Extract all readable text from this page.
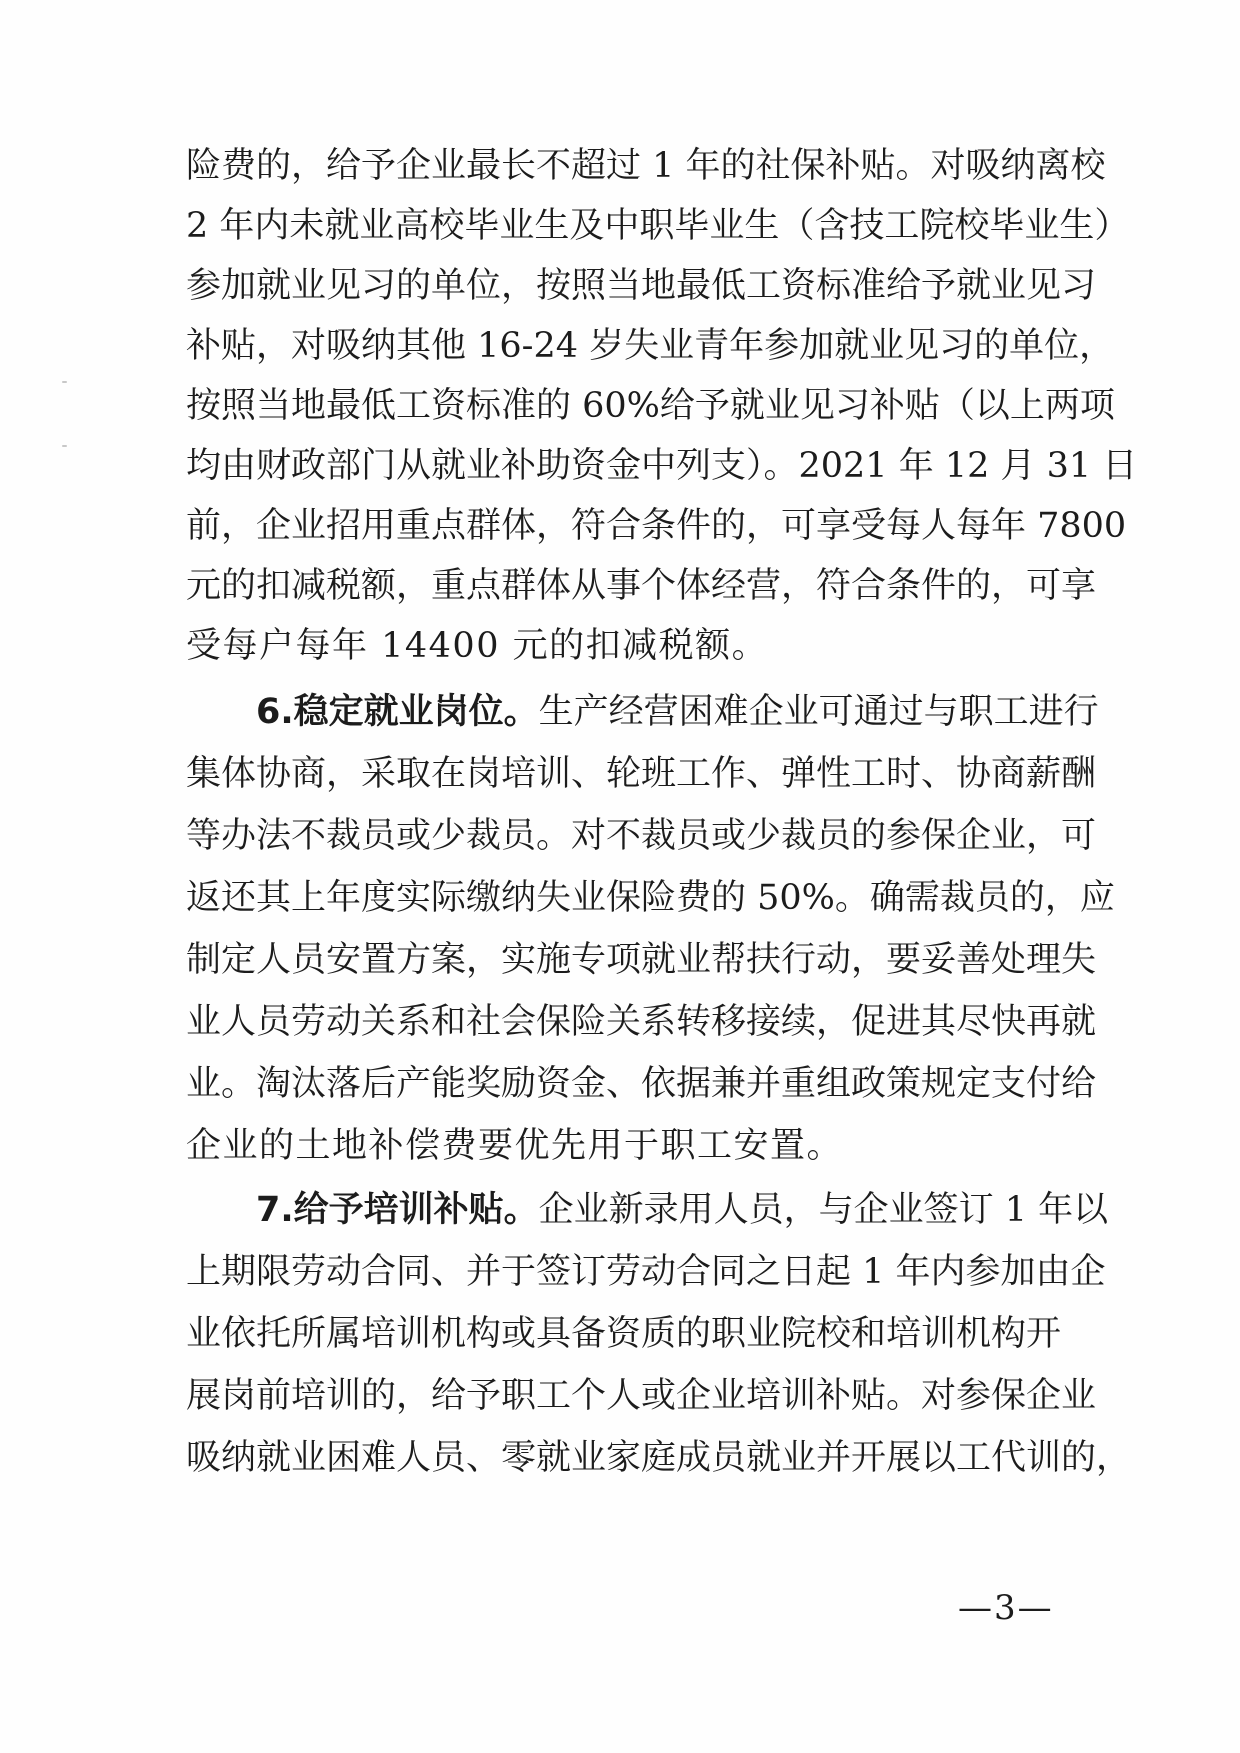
险费的，给予企业最长不超过 1 年的社保补贴。对吸纳离校
2 年内未就业高校毕业生及中职毕业生（含技工院校毕业生）
参加就业见习的单位，按照当地最低工资标准给予就业见习
补贴，对吸纳其他 16-24 岁失业青年参加就业见习的单位，
按照当地最低工资标准的 60%给予就业见习补贴（以上两项
均由财政部门从就业补助资金中列支）。2021 年 12 月 31 日
前，企业招用重点群体，符合条件的，可享受每人每年 7800
元的扣减税额，重点群体从事个体经营，符合条件的，可享
受每户每年 14400 元的扣减税额。
6.稳定就业岗位。生产经营困难企业可通过与职工进行
集体协商，采取在岗培训、轮班工作、弹性工时、协商薪酬
等办法不裁员或少裁员。对不裁员或少裁员的参保企业，可
返还其上年度实际缴纳失业保险费的 50%。确需裁员的，应
制定人员安置方案，实施专项就业帮扶行动，要妥善处理失
业人员劳动关系和社会保险关系转移接续，促进其尽快再就
业。淘汰落后产能奖励资金、依据兼并重组政策规定支付给
企业的土地补偿费要优先用于职工安置。
7.给予培训补贴。企业新录用人员，与企业签订 1 年以
上期限劳动合同、并于签订劳动合同之日起 1 年内参加由企
业依托所属培训机构或具备资质的职业院校和培训机构开
展岗前培训的，给予职工个人或企业培训补贴。对参保企业
吸纳就业困难人员、零就业家庭成员就业并开展以工代训的，
—3—
